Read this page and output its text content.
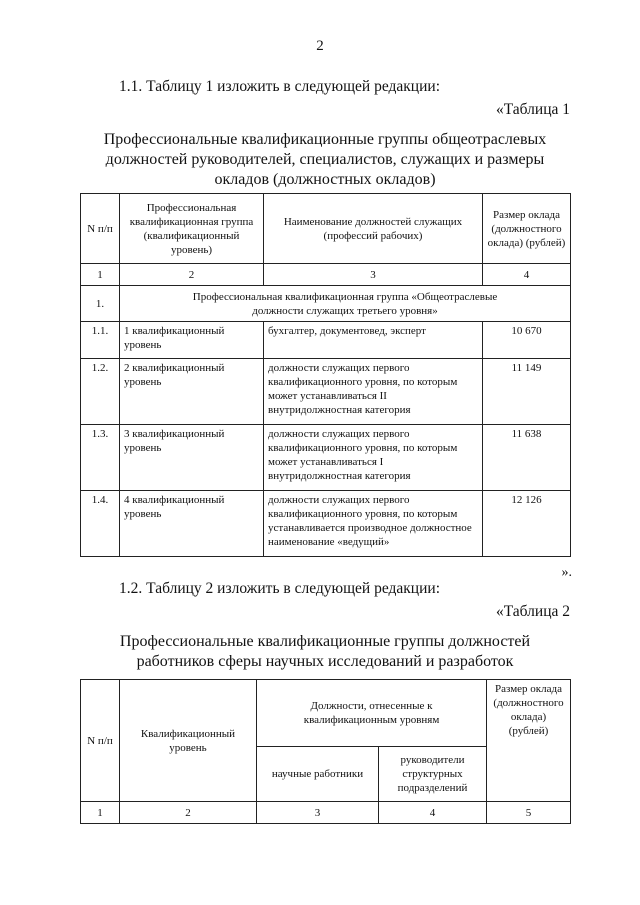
2
1.1. Таблицу 1 изложить в следующей редакции:
«Таблица 1
Профессиональные квалификационные группы общеотраслевых
должностей руководителей, специалистов, служащих и размеры
окладов (должностных окладов)
N п/п	Профессиональная квалификационная группа (квалификационный уровень)	Наименование должностей служащих (профессий рабочих)	Размер оклада (должностного оклада) (рублей)
1	2	3	4
1.	Профессиональная квалификационная группа «Общеотраслевые должности служащих третьего уровня»		
1.1.	1 квалификационный уровень	бухгалтер, документовед, эксперт	10 670
1.2.	2 квалификационный уровень	должности служащих первого квалификационного уровня, по которым может устанавливаться II внутридолжностная категория	11 149
1.3.	3 квалификационный уровень	должности служащих первого квалификационного уровня, по которым может устанавливаться I внутридолжностная категория	11 638
1.4.	4 квалификационный уровень	должности служащих первого квалификационного уровня, по которым устанавливается производное должностное наименование «ведущий»	12 126
».
1.2. Таблицу 2 изложить в следующей редакции:
«Таблица 2
Профессиональные квалификационные группы должностей
работников сферы научных исследований и разработок
N п/п	Квалификационный уровень	Должности, отнесенные к квалификационным уровням		Размер оклада (должностного оклада) (рублей)
		научные работники	руководители структурных подразделений	
1	2	3	4	5
